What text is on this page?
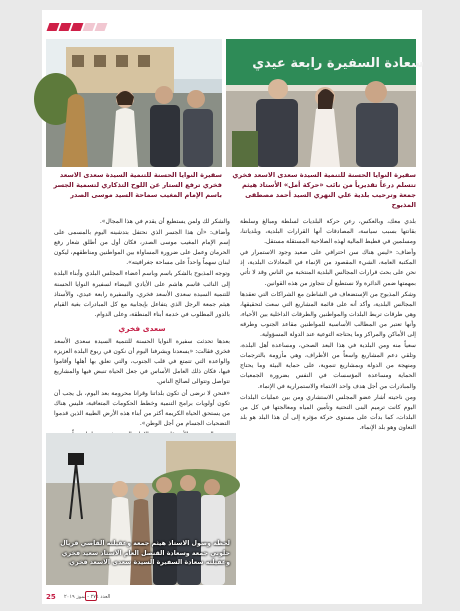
سعادة السفيرة رابعة عيدي
سفيرة النوايا الحسنة للتنمية السيدة سعدى الاسعد فخري تتسلم درعاً تقديرياً من نائب «حركة أمل» الأستاذ هيثم جمعة وترحيب بلدية علي النهري السيد أحمد مصطفى المذبوح
سفيرة النوايا الحسنة للتنمية السيدة سعدى الاسعد فخري ترفع الستار عن اللوح التذكاري لتسمية الجسر باسم الإمام المغيب سماحة السيد موسى الصدر

بلدي معك، وبالعكس، رعن حركة البلديات لسلطة ومبالغ وسلطة بقانتها بسبب سياسة، المصادقات أنها القرارات البلدية، وبلدياتنا، ومسلمين في فطيط المالية لهذه الصلاحية المستقلة مستقل.

وأضاف: «ليس هناك سن احترافي على صعيد وجود الاستمرار في المكتبة العامة، الشيء المقصود من الإنماء في المعادلات البلدية، إذ نحن على بحث قرارات المجالس البلدية المنتخبة من الناس وقد لا تأتي بمهمتها ضمن الدائرة ولا نستطيع أن نتجاوز من هذه القوانين.

وشكر المذبوح من الإستضعاف في الشاطئ مع الشراكات التي تعقدها المجالس البلدية، وأكد أنه على قائمة المشاريع التي سعت لتحقيقها، وهي طرقات تربط البلدات والمواطنين والطرقات الداخلية بين الأحياء، وأنها تعتبر من المطالب الأساسية للمواطنين مقاعد الجنوب وطرقه إلى الأماكن والمراكز وما يحتاجه التوعية عند الدولة المسؤولية.

سعياً منه ومن البلدية في هذا البعد الصحي، ومساعدة أهل البلدة، وتلقي دعم المشاريع واسعاً من الأطراف، وهي مأزومة بالترجمات ومنهجة من الدولة وبمشاريع تنموية، على حماية البيئة وما يحتاج الحماية ومساعدة المؤسسات في النفس بضرورة الجمعيات والمبادرات من أجل هدف واحد الانتماء والاستمرارية في الإنماء.

ومن ناحيته أشار عضو المجلس الاستشاري ومن بين عمليات البلدات اليوم كانت ترميم البنى التحتية وتأمين المياه ومعالجتها في كل من البلدات، كما بدأت على مستوى حركة مؤثرة إلى أن هذا البلد هو بلد التعاون وهو بلد الإنماء.

والشكر لك ولمن يستطيع أن يقدم في هذا المجال».

وأضاف: «أن هذا الجسر الذي نحتفل بتدشينه اليوم بالمسمى على إسم الإمام المغيب موسى الصدر، فكان أول من أطلق شعار رفع الحرمان وعمل على ضرورة المساواة بين المواطنين ومناطقهم، ليكون لبنان سهماً واحداً على مساحة جغرافيته».

وتوجه المذبوح بالشكر باسم وباسم أعضاء المجلس البلدي وأبناء البلدة إلى النائب قاسم هاشم على الأيادي البيضاء لسفيرة النوايا الحسنة للتنمية السيدة سعدى الأسعد فخري، والسفيرة رابعة عيدي، والأستاذ هيثم جمعة الرجل الذي يتفاعل بإيجابية مع كل المبادرات بغية القيام بالدور المطلوب في خدمة أبناء المنطقة، وعلى الدوام.

سعدى فخري

بعدها تحدثت سفيرة النوايا الحسنة للتنمية السيدة سعدى الأسعد فخري فقالت: «يسعدنا ويشرفنا اليوم أن نكون في ربوع البلدة العزيزة والواعدة التي تتمتع في قلب الجنوب، والتي تعلق بها أهلها وأقاموا فيها، فكان ذلك العامل الأساس في جعل الحياة تنبض فيها والمشاريع تتواصل وتتوالى لصالح الناس.

«فنحن لا نرضى أن تكون بلداتنا وقرانا محرومة بعد اليوم، بل يجب أن تكون أولويات برامج التنمية وخطط الحكومات المتعاقبة، فليس هناك من يستحق الحياة الكريمة أكثر من أبناء هذه الأرض الطيبة الذين قدموا التضحيات الجسام من أجل الوطن».

لحظة وصول الاستاذ هيثم جمعة وعقيلته القاضي فريال حلوني جمعة وسعادة القنصل العام الاستاذ سعيد فخري وعقيلته سعادة السفيرة السيدة سعدى الاسعد فخري
25 العدد ٢٧٤ - تموز ٢٠١٩
